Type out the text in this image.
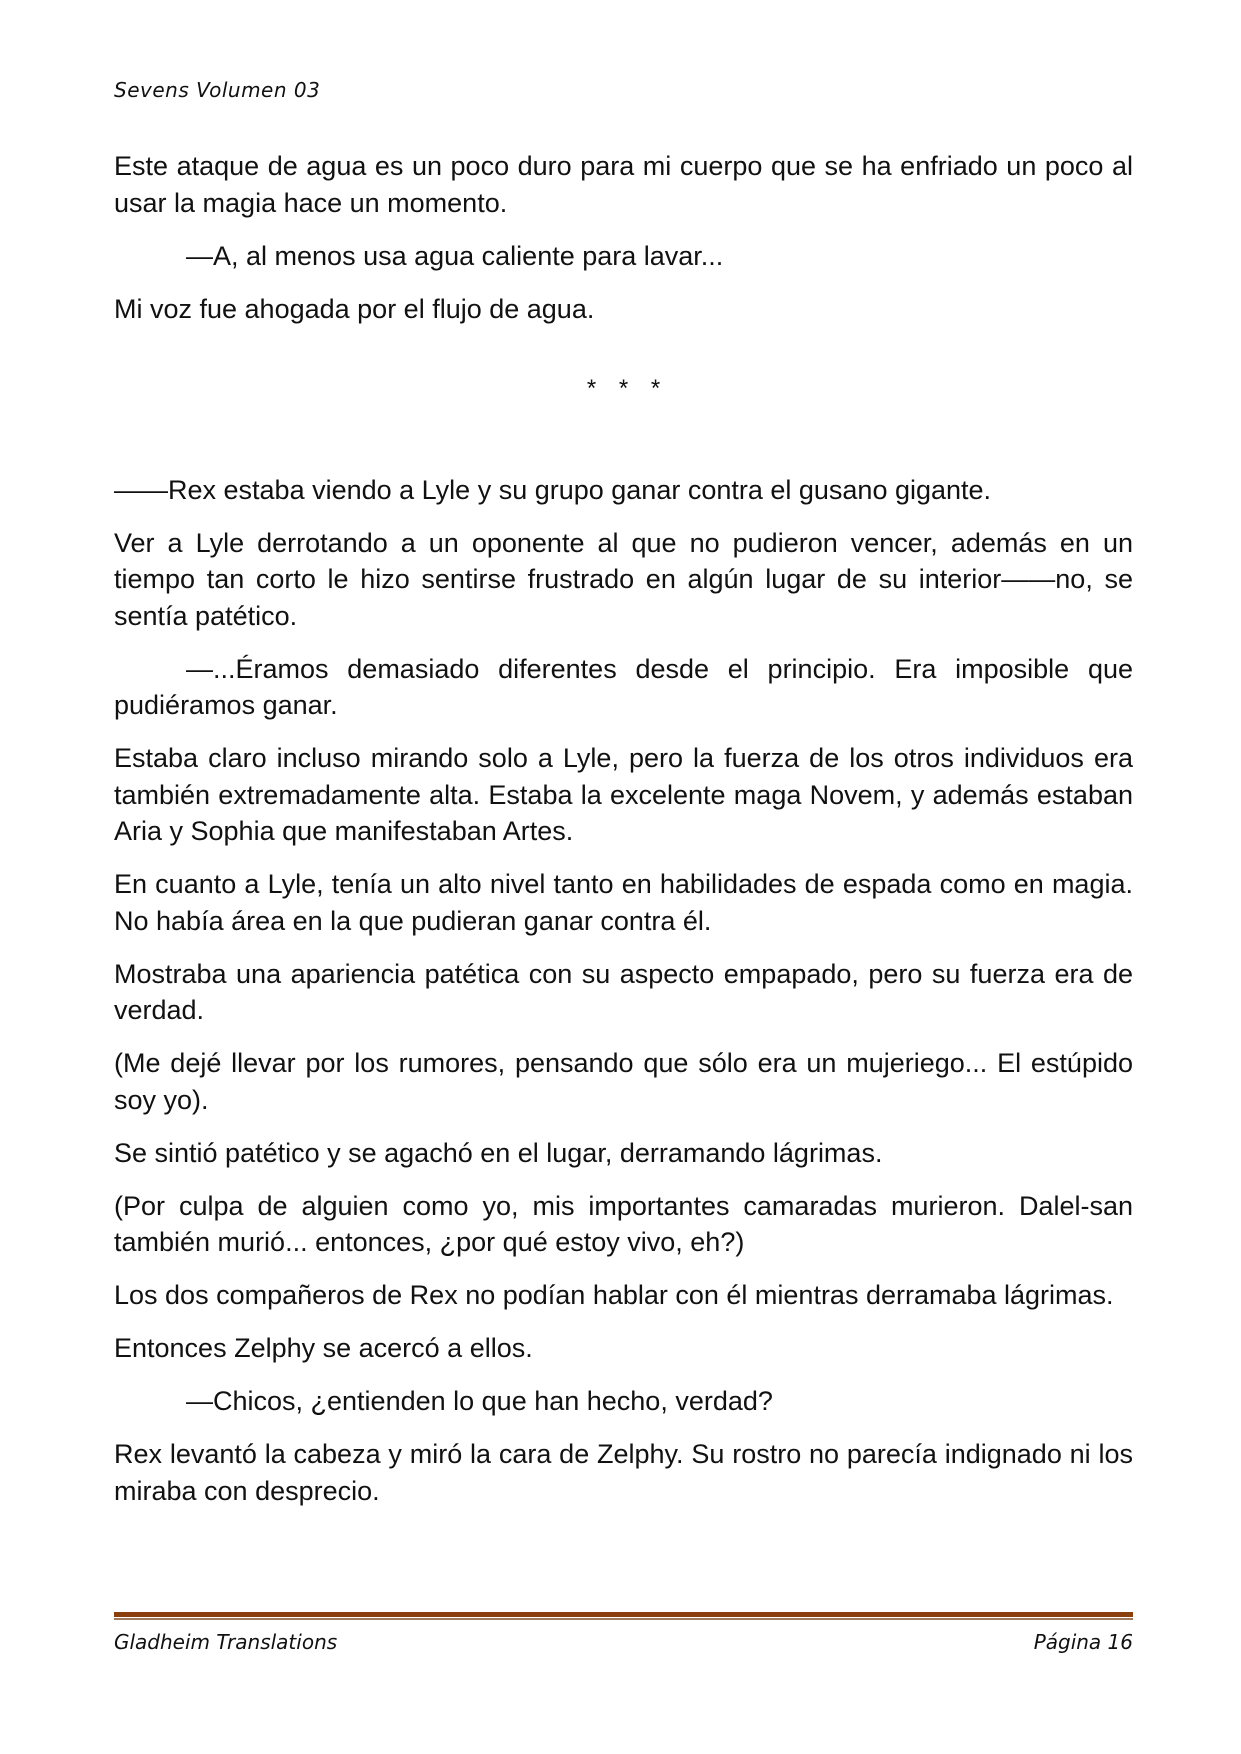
Sevens Volumen 03

Este ataque de agua es un poco duro para mi cuerpo que se ha enfriado un poco al usar la magia hace un momento.

—A, al menos usa agua caliente para lavar...

Mi voz fue ahogada por el flujo de agua.

* * *

——Rex estaba viendo a Lyle y su grupo ganar contra el gusano gigante.

Ver a Lyle derrotando a un oponente al que no pudieron vencer, además en un tiempo tan corto le hizo sentirse frustrado en algún lugar de su interior——no, se sentía patético.

—...Éramos demasiado diferentes desde el principio. Era imposible que pudiéramos ganar.

Estaba claro incluso mirando solo a Lyle, pero la fuerza de los otros individuos era también extremadamente alta. Estaba la excelente maga Novem, y además estaban Aria y Sophia que manifestaban Artes.

En cuanto a Lyle, tenía un alto nivel tanto en habilidades de espada como en magia. No había área en la que pudieran ganar contra él.

Mostraba una apariencia patética con su aspecto empapado, pero su fuerza era de verdad.

(Me dejé llevar por los rumores, pensando que sólo era un mujeriego... El estúpido soy yo).

Se sintió patético y se agachó en el lugar, derramando lágrimas.

(Por culpa de alguien como yo, mis importantes camaradas murieron. Dalel-san también murió... entonces, ¿por qué estoy vivo, eh?)

Los dos compañeros de Rex no podían hablar con él mientras derramaba lágrimas.

Entonces Zelphy se acercó a ellos.

—Chicos, ¿entienden lo que han hecho, verdad?

Rex levantó la cabeza y miró la cara de Zelphy. Su rostro no parecía indignado ni los miraba con desprecio.

Gladheim Translations	Página 16
